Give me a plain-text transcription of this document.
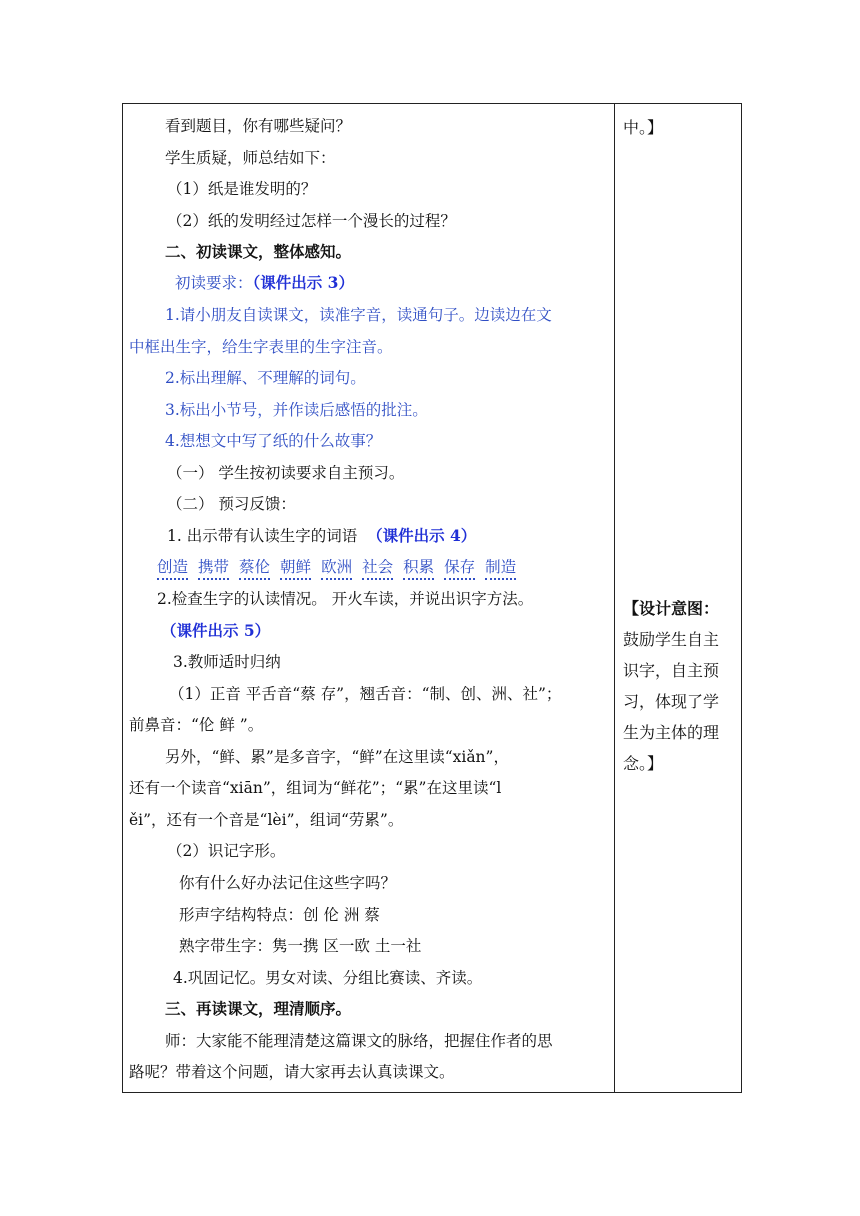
看到题目，你有哪些疑问？
学生质疑，师总结如下：
（1）纸是谁发明的？
（2）纸的发明经过怎样一个漫长的过程？
二、初读课文，整体感知。
初读要求：（课件出示 3）
1.请小朋友自读课文，读准字音，读通句子。边读边在文
中框出生字，给生字表里的生字注音。
2.标出理解、不理解的词句。
3.标出小节号，并作读后感悟的批注。
4.想想文中写了纸的什么故事？
（一） 学生按初读要求自主预习。
（二） 预习反馈：
1. 出示带有认读生字的词语 （课件出示 4）
创造 携带 蔡伦 朝鲜 欧洲 社会 积累 保存 制造
2.检查生字的认读情况。 开火车读，并说出识字方法。
（课件出示 5）
3.教师适时归纳
（1）正音 平舌音“蔡 存”，翘舌音：“制、创、洲、社”；
前鼻音：“伦 鲜 ”。
另外，“鲜、累”是多音字，“鲜”在这里读“xiǎn”，
还有一个读音“xiān”，组词为“鲜花”；“累”在这里读“l
ěi”，还有一个音是“lèi”，组词“劳累”。
（2）识记字形。
你有什么好办法记住这些字吗？
形声字结构特点：创 伦 洲 蔡
熟字带生字：隽一携 区一欧 土一社
4.巩固记忆。男女对读、分组比赛读、齐读。
三、再读课文，理清顺序。
师：大家能不能理清楚这篇课文的脉络，把握住作者的思
路呢？带着这个问题，请大家再去认真读课文。

中。】
【设计意图：
鼓励学生自主
识字，自主预
习，体现了学
生为主体的理
念。】
